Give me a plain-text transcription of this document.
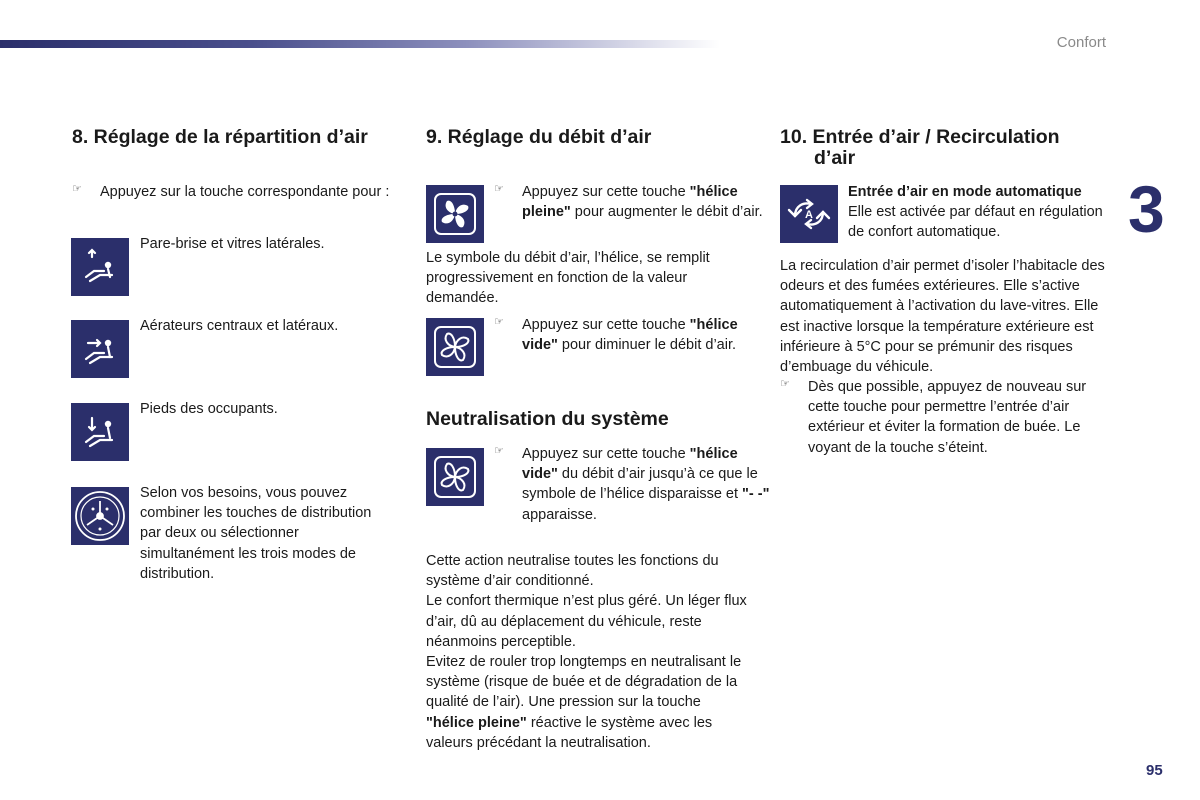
Confort
3
95
8. Réglage de la répartition d’air
☞ Appuyez sur la touche correspondante pour :

Pare-brise et vitres latérales.

Aérateurs centraux et latéraux.

Pieds des occupants.

Selon vos besoins, vous pouvez combiner les touches de distribution par deux ou sélectionner simultanément les trois modes de distribution.

9. Réglage du débit d’air
☞ Appuyez sur cette touche "hélice pleine" pour augmenter le débit d’air.

Le symbole du débit d’air, l’hélice, se remplit progressivement en fonction de la valeur demandée.

☞ Appuyez sur cette touche "hélice vide" pour diminuer le débit d’air.

Neutralisation du système
☞ Appuyez sur cette touche "hélice vide" du débit d’air jusqu’à ce que le symbole de l’hélice disparaisse et "- -" apparaisse.

Cette action neutralise toutes les fonctions du système d’air conditionné.

Le confort thermique n’est plus géré. Un léger flux d’air, dû au déplacement du véhicule, reste néanmoins perceptible.

Evitez de rouler trop longtemps en neutralisant le système (risque de buée et de dégradation de la qualité de l’air). Une pression sur la touche "hélice pleine" réactive le système avec les valeurs précédant la neutralisation.

10. Entrée d’air / Recirculation d’air
A

Entrée d’air en mode automatique

Elle est activée par défaut en régulation de confort automatique.

La recirculation d’air permet d’isoler l’habitacle des odeurs et des fumées extérieures. Elle s’active automatiquement à l’activation du lave-vitres. Elle est inactive lorsque la température extérieure est inférieure à 5°C pour se prémunir des risques d’embuage du véhicule.

☞ Dès que possible, appuyez de nouveau sur cette touche pour permettre l’entrée d’air extérieur et éviter la formation de buée. Le voyant de la touche s’éteint.
